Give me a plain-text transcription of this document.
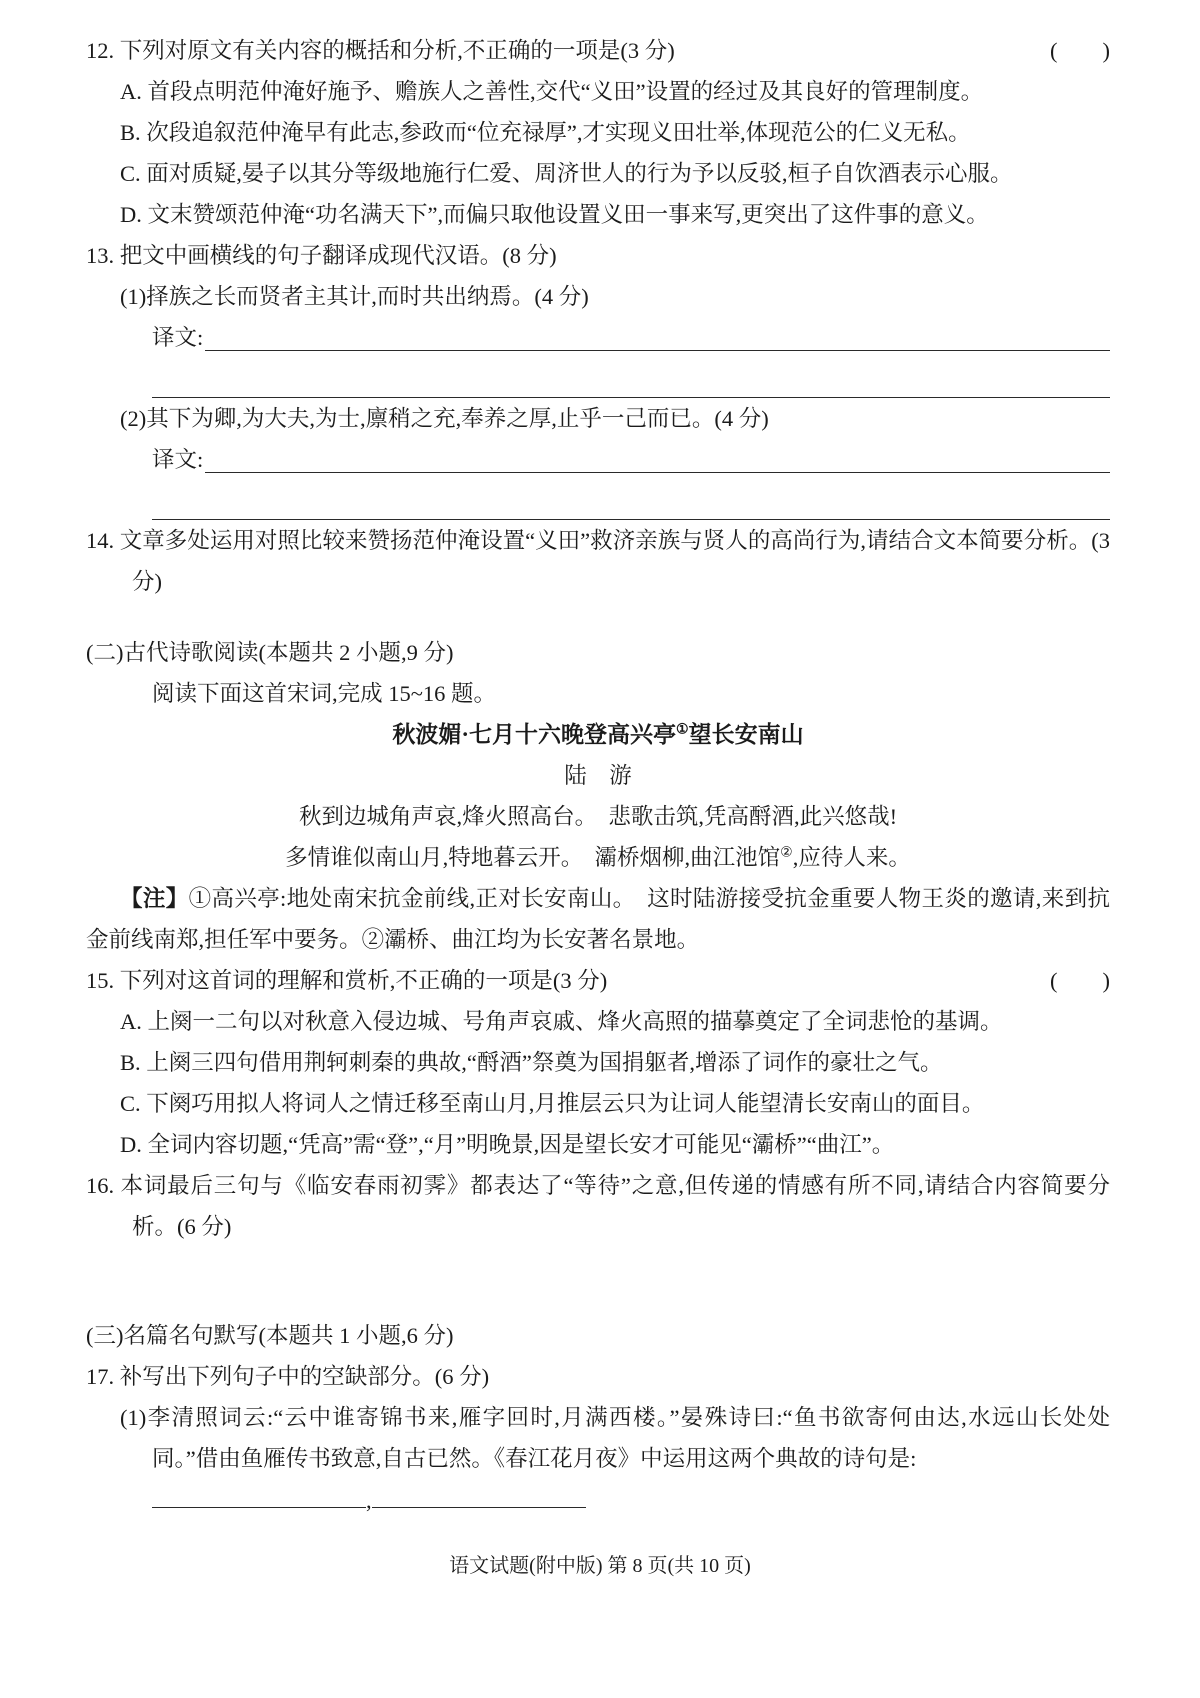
12. 下列对原文有关内容的概括和分析,不正确的一项是(3 分)	(        )
A. 首段点明范仲淹好施予、赡族人之善性,交代“义田”设置的经过及其良好的管理制度。
B. 次段追叙范仲淹早有此志,参政而“位充禄厚”,才实现义田壮举,体现范公的仁义无私。
C. 面对质疑,晏子以其分等级地施行仁爱、周济世人的行为予以反驳,桓子自饮酒表示心服。
D. 文末赞颂范仲淹“功名满天下”,而偏只取他设置义田一事来写,更突出了这件事的意义。
13. 把文中画横线的句子翻译成现代汉语。(8 分)
(1)择族之长而贤者主其计,而时共出纳焉。(4 分)
译文:
(2)其下为卿,为大夫,为士,廪稍之充,奉养之厚,止乎一己而已。(4 分)
译文:
14. 文章多处运用对照比较来赞扬范仲淹设置“义田”救济亲族与贤人的高尚行为,请结合文本简要分析。(3 分)
(二)古代诗歌阅读(本题共 2 小题,9 分)
阅读下面这首宋词,完成 15~16 题。
秋波媚·七月十六晚登高兴亭①望长安南山
陆　游
秋到边城角声哀,烽火照高台。　悲歌击筑,凭高酹酒,此兴悠哉!
多情谁似南山月,特地暮云开。　灞桥烟柳,曲江池馆②,应待人来。
【注】①高兴亭:地处南宋抗金前线,正对长安南山。　这时陆游接受抗金重要人物王炎的邀请,来到抗金前线南郑,担任军中要务。②灞桥、曲江均为长安著名景地。
15. 下列对这首词的理解和赏析,不正确的一项是(3 分)	(        )
A. 上阕一二句以对秋意入侵边城、号角声哀戚、烽火高照的描摹奠定了全词悲怆的基调。
B. 上阕三四句借用荆轲刺秦的典故,“酹酒”祭奠为国捐躯者,增添了词作的豪壮之气。
C. 下阕巧用拟人将词人之情迁移至南山月,月推层云只为让词人能望清长安南山的面目。
D. 全词内容切题,“凭高”需“登”,“月”明晚景,因是望长安才可能见“灞桥”“曲江”。
16. 本词最后三句与《临安春雨初霁》都表达了“等待”之意,但传递的情感有所不同,请结合内容简要分析。(6 分)
(三)名篇名句默写(本题共 1 小题,6 分)
17. 补写出下列句子中的空缺部分。(6 分)
(1)李清照词云:“云中谁寄锦书来,雁字回时,月满西楼。”晏殊诗曰:“鱼书欲寄何由达,水远山长处处同。”借由鱼雁传书致意,自古已然。《春江花月夜》中运用这两个典故的诗句是:
,
语文试题(附中版) 第 8 页(共 10 页)
